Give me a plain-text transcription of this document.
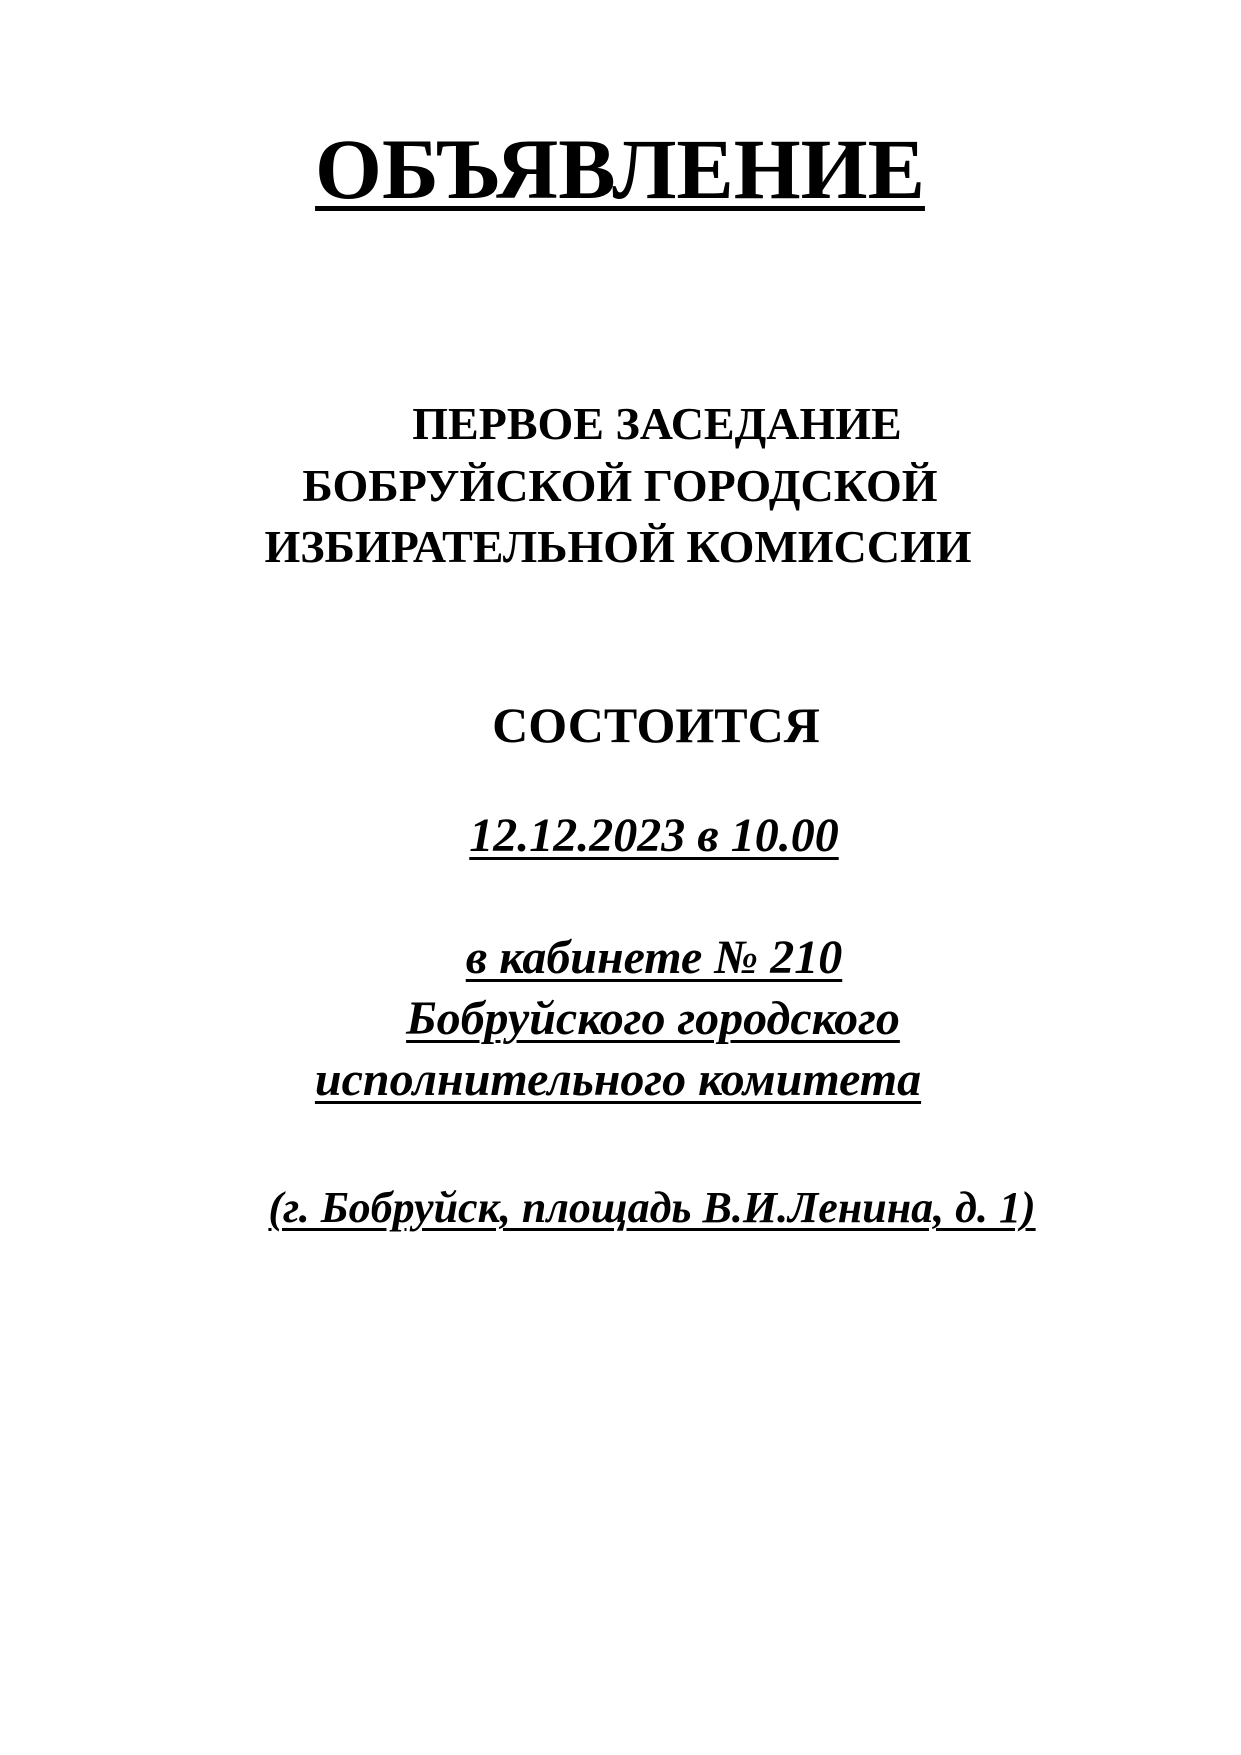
ОБЪЯВЛЕНИЕ
ПЕРВОЕ ЗАСЕДАНИЕ
БОБРУЙСКОЙ ГОРОДСКОЙ
ИЗБИРАТЕЛЬНОЙ КОМИССИИ
СОСТОИТСЯ
12.12.2023 в 10.00
в кабинете № 210
Бобруйского городского
исполнительного комитета
(г. Бобруйск, площадь В.И.Ленина, д. 1)
